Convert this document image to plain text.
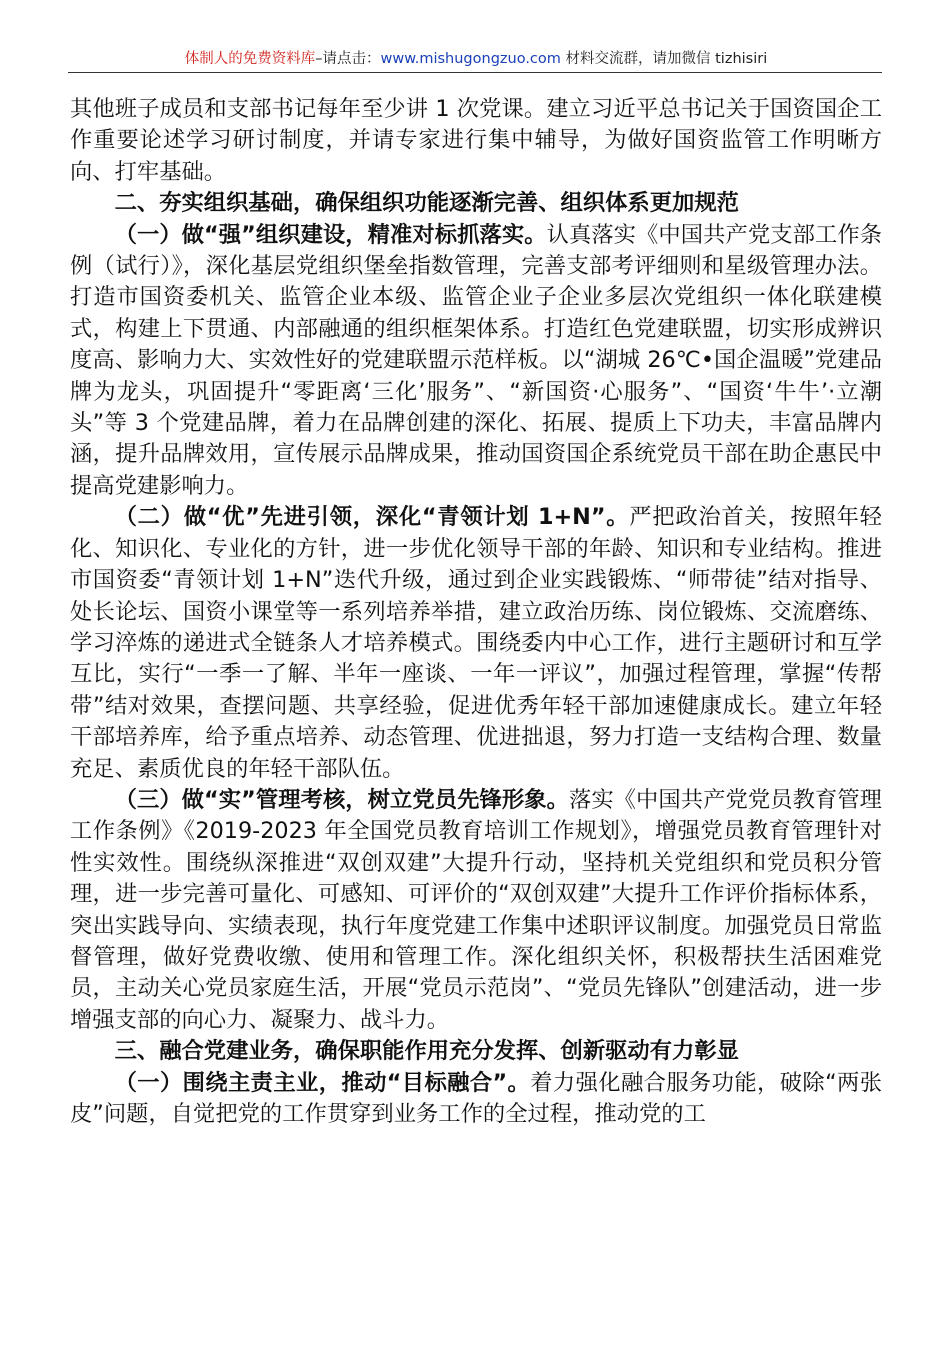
体制人的免费资料库–请点击：www.mishugongzuo.com 材料交流群，请加微信 tizhisiri

其他班子成员和支部书记每年至少讲 1 次党课。建立习近平总书记关于国资国企工作重要论述学习研讨制度，并请专家进行集中辅导，为做好国资监管工作明晰方向、打牢基础。

二、夯实组织基础，确保组织功能逐渐完善、组织体系更加规范

（一）做“强”组织建设，精准对标抓落实。认真落实《中国共产党支部工作条例（试行）》，深化基层党组织堡垒指数管理，完善支部考评细则和星级管理办法。打造市国资委机关、监管企业本级、监管企业子企业多层次党组织一体化联建模式，构建上下贯通、内部融通的组织框架体系。打造红色党建联盟，切实形成辨识度高、影响力大、实效性好的党建联盟示范样板。以“湖城 26℃•国企温暖”党建品牌为龙头，巩固提升“零距离‘三化’服务”、“新国资·心服务”、“国资‘牛牛’·立潮头”等 3 个党建品牌，着力在品牌创建的深化、拓展、提质上下功夫，丰富品牌内涵，提升品牌效用，宣传展示品牌成果，推动国资国企系统党员干部在助企惠民中提高党建影响力。

（二）做“优”先进引领，深化“青领计划 1+N”。严把政治首关，按照年轻化、知识化、专业化的方针，进一步优化领导干部的年龄、知识和专业结构。推进市国资委“青领计划 1+N”迭代升级，通过到企业实践锻炼、“师带徒”结对指导、处长论坛、国资小课堂等一系列培养举措，建立政治历练、岗位锻炼、交流磨练、学习淬炼的递进式全链条人才培养模式。围绕委内中心工作，进行主题研讨和互学互比，实行“一季一了解、半年一座谈、一年一评议”，加强过程管理，掌握“传帮带”结对效果，查摆问题、共享经验，促进优秀年轻干部加速健康成长。建立年轻干部培养库，给予重点培养、动态管理、优进拙退，努力打造一支结构合理、数量充足、素质优良的年轻干部队伍。

（三）做“实”管理考核，树立党员先锋形象。落实《中国共产党党员教育管理工作条例》《2019-2023 年全国党员教育培训工作规划》，增强党员教育管理针对性实效性。围绕纵深推进“双创双建”大提升行动，坚持机关党组织和党员积分管理，进一步完善可量化、可感知、可评价的“双创双建”大提升工作评价指标体系，突出实践导向、实绩表现，执行年度党建工作集中述职评议制度。加强党员日常监督管理，做好党费收缴、使用和管理工作。深化组织关怀，积极帮扶生活困难党员，主动关心党员家庭生活，开展“党员示范岗”、“党员先锋队”创建活动，进一步增强支部的向心力、凝聚力、战斗力。

三、融合党建业务，确保职能作用充分发挥、创新驱动有力彰显

（一）围绕主责主业，推动“目标融合”。着力强化融合服务功能，破除“两张皮”问题，自觉把党的工作贯穿到业务工作的全过程，推动党的工
